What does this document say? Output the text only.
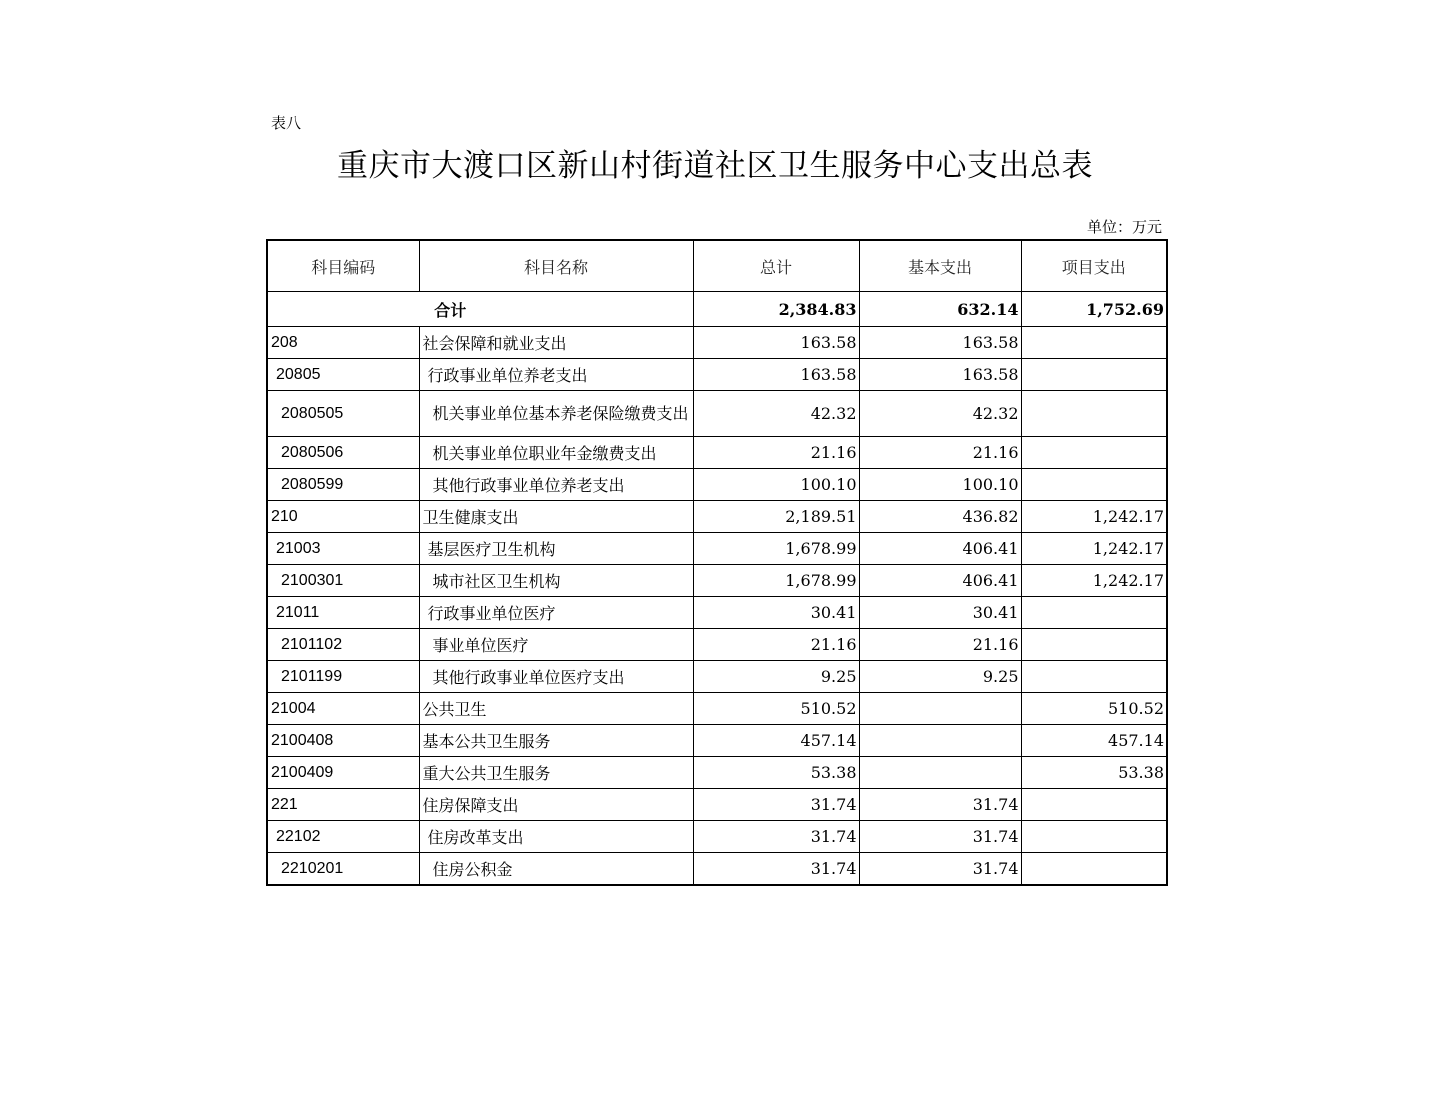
表八
重庆市大渡口区新山村街道社区卫生服务中心支出总表
单位：万元
科目编码	科目名称	总计	基本支出	项目支出
合计		2,384.83	632.14	1,752.69
208	社会保障和就业支出	163.58	163.58	
20805	行政事业单位养老支出	163.58	163.58	
2080505	机关事业单位基本养老保险缴费支出	42.32	42.32	
2080506	机关事业单位职业年金缴费支出	21.16	21.16	
2080599	其他行政事业单位养老支出	100.10	100.10	
210	卫生健康支出	2,189.51	436.82	1,242.17
21003	基层医疗卫生机构	1,678.99	406.41	1,242.17
2100301	城市社区卫生机构	1,678.99	406.41	1,242.17
21011	行政事业单位医疗	30.41	30.41	
2101102	事业单位医疗	21.16	21.16	
2101199	其他行政事业单位医疗支出	9.25	9.25	
21004	公共卫生	510.52		510.52
2100408	基本公共卫生服务	457.14		457.14
2100409	重大公共卫生服务	53.38		53.38
221	住房保障支出	31.74	31.74	
22102	住房改革支出	31.74	31.74	
2210201	住房公积金	31.74	31.74	
